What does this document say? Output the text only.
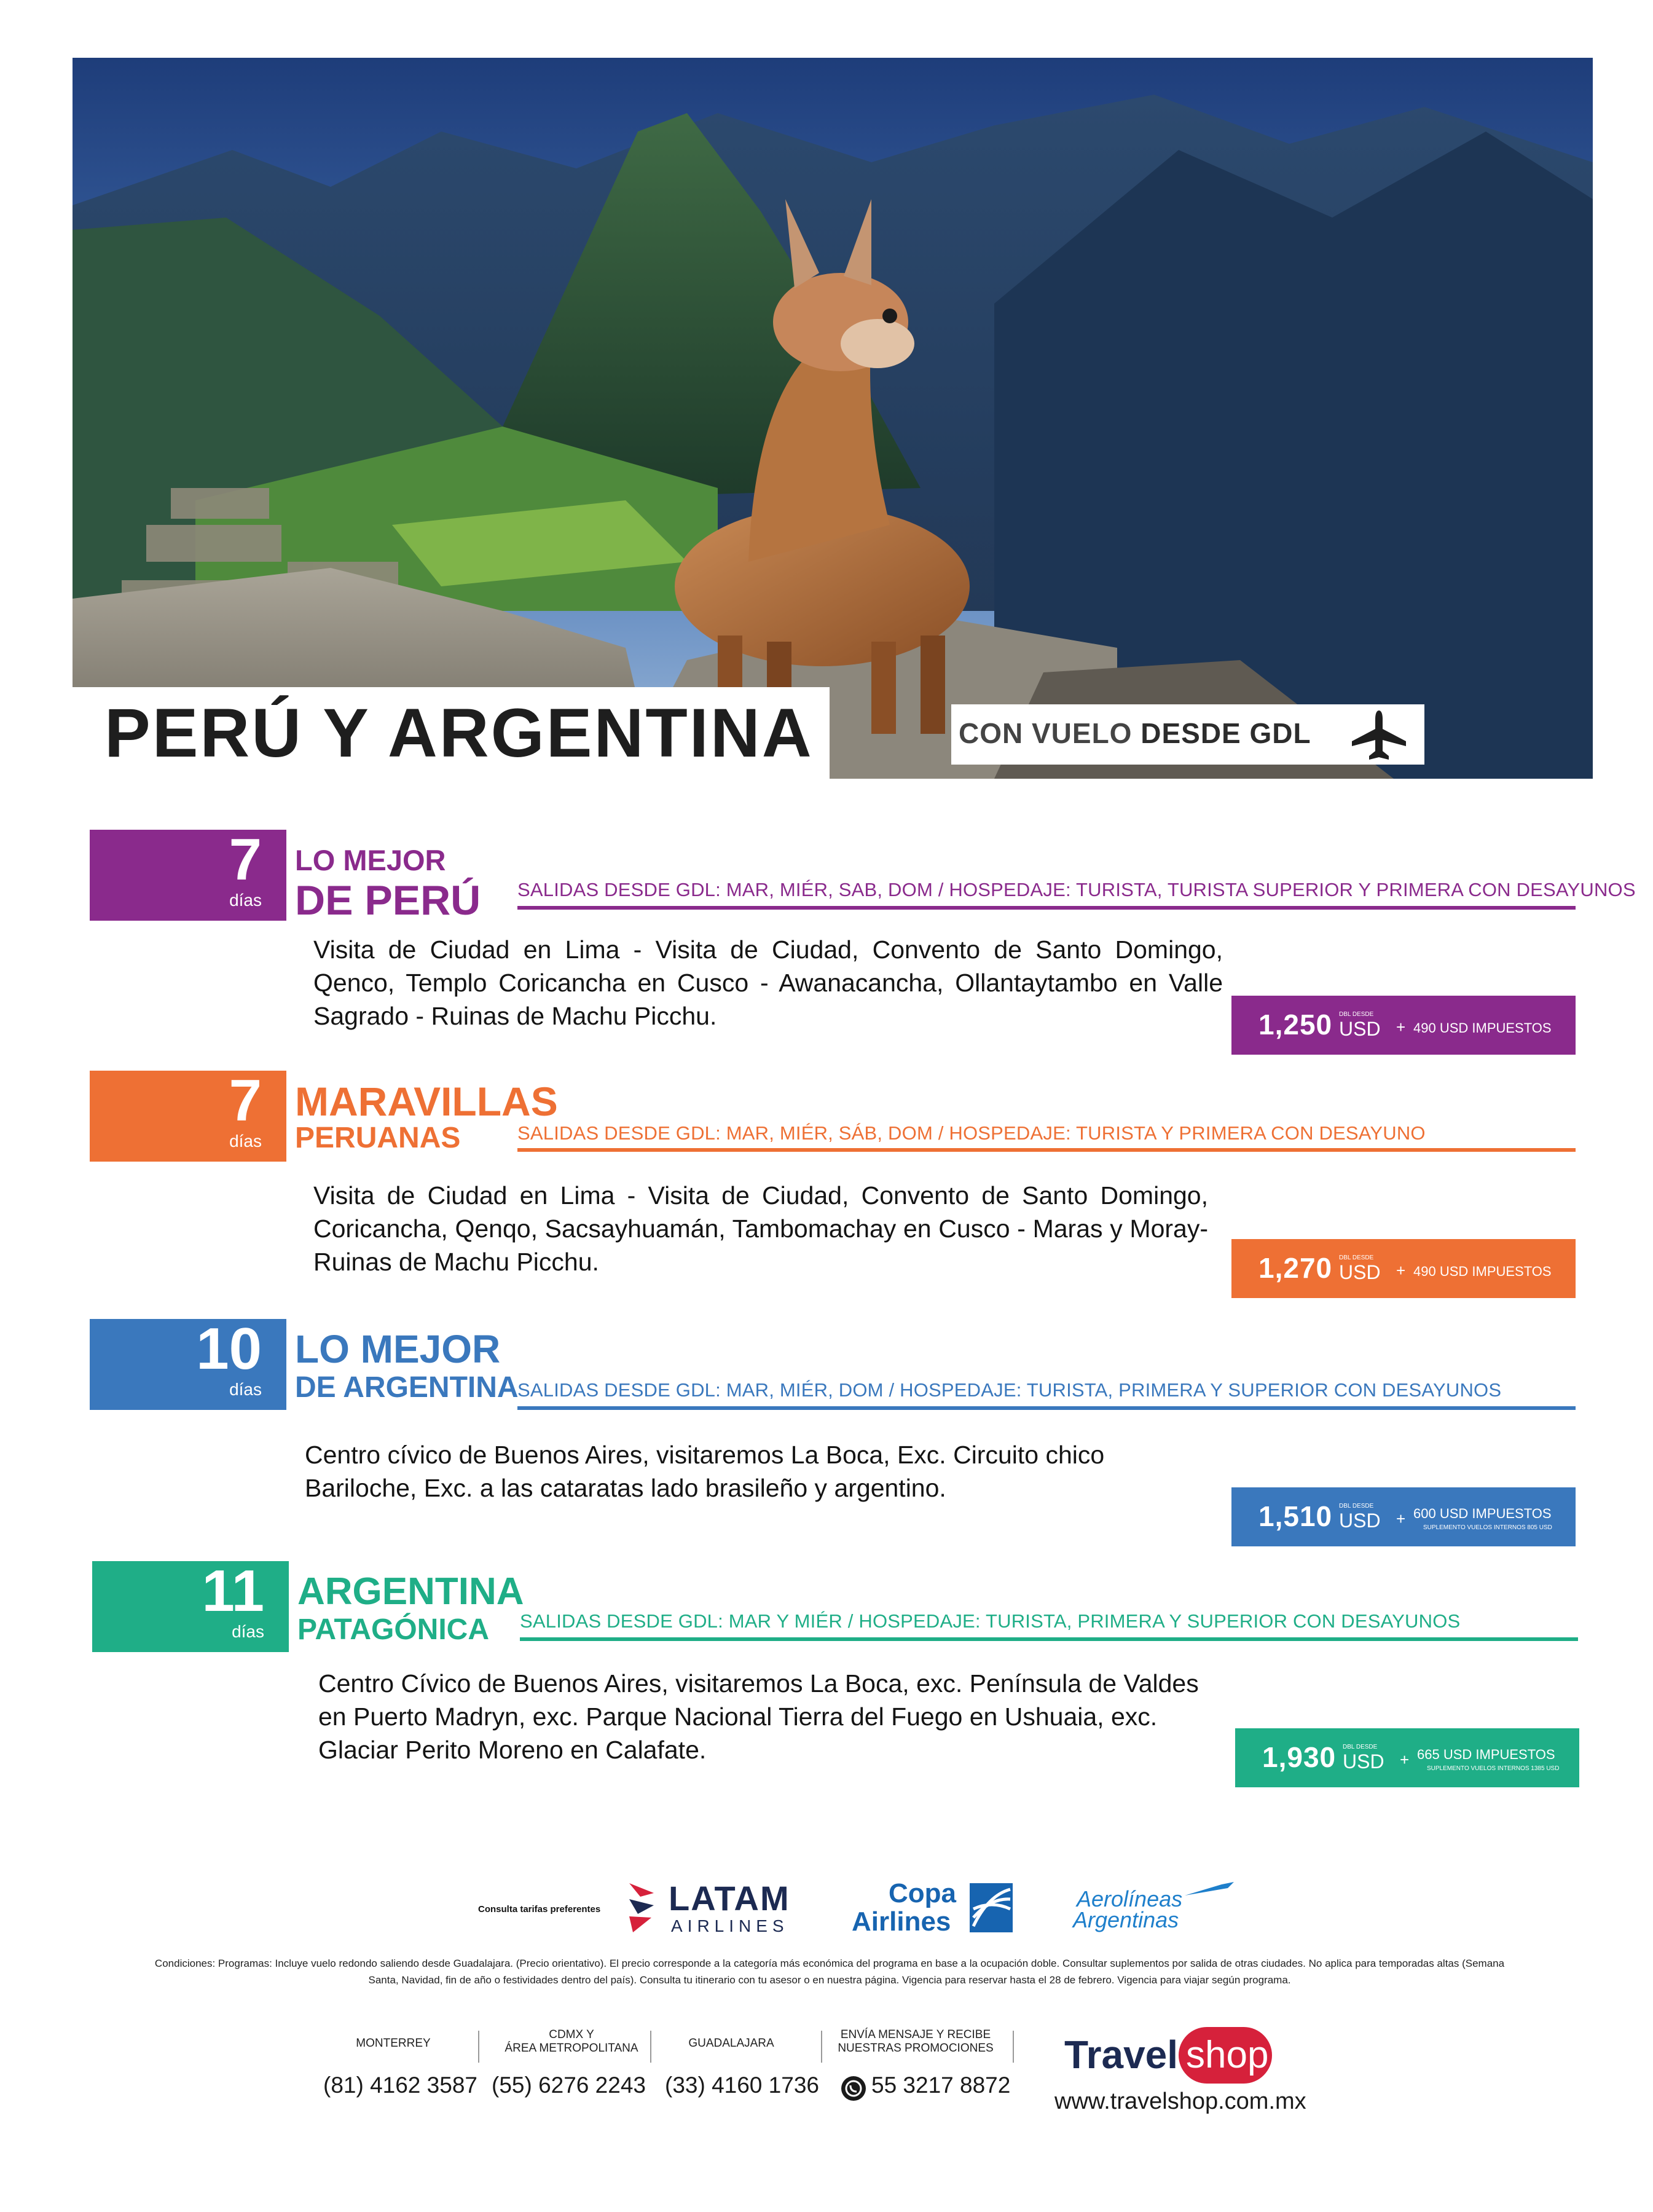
PERÚ Y ARGENTINA	CON VUELO DESDE GDL
7
días
LO MEJOR
DE PERÚ SALIDAS DESDE GDL: MAR, MIÉR, SAB, DOM / HOSPEDAJE: TURISTA, TURISTA SUPERIOR Y PRIMERA CON DESAYUNOS
Visita de Ciudad en Lima - Visita de Ciudad, Convento de Santo Domingo, Qenco, Templo Coricancha en Cusco - Awanacancha, Ollantaytambo en Valle Sagrado - Ruinas de Machu Picchu.	1,250 DBL DESDE
USD + 490 USD IMPUESTOS
7
días
MARAVILLAS
PERUANAS	SALIDAS DESDE GDL: MAR, MIÉR, SÁB, DOM / HOSPEDAJE: TURISTA Y PRIMERA CON DESAYUNO
Visita de Ciudad en Lima - Visita de Ciudad, Convento de Santo Domingo, Coricancha, Qenqo, Sacsayhuamán, Tambomachay en Cusco - Maras y Moray- Ruinas de Machu Picchu.	1,270 DBL DESDE
USD + 490 USD IMPUESTOS
10
días
LO MEJOR
DE ARGENTINA
SALIDAS DESDE GDL: MAR, MIÉR, DOM / HOSPEDAJE: TURISTA, PRIMERA Y SUPERIOR CON DESAYUNOS
Centro cívico de Buenos Aires, visitaremos La Boca, Exc. Circuito chico Bariloche, Exc. a las cataratas lado brasileño y argentino.
1,510 DBL DESDE
USD + 600 USD IMPUESTOS
SUPLEMENTO VUELOS INTERNOS 805 USD
11
días
ARGENTINA
PATAGÓNICA SALIDAS DESDE GDL: MAR Y MIÉR / HOSPEDAJE: TURISTA, PRIMERA Y SUPERIOR CON DESAYUNOS
Centro Cívico de Buenos Aires, visitaremos La Boca, exc. Península de Valdes en Puerto Madryn, exc. Parque Nacional Tierra del Fuego en Ushuaia, exc. Glaciar Perito Moreno en Calafate.	1,930 DBL DESDE
USD + 665 USD IMPUESTOS
SUPLEMENTO VUELOS INTERNOS 1385 USD
Consulta tarifas preferentes LATAM
AIRLINES
Copa
Airlines
Aerolíneas
Argentinas
Condiciones: Programas: Incluye vuelo redondo saliendo desde Guadalajara. (Precio orientativo). El precio corresponde a la categoría más económica del programa en base a la ocupación doble. Consultar suplementos por salida de otras ciudades. No aplica para temporadas altas (Semana Santa, Navidad, fin de año o festividades dentro del país). Consulta tu itinerario con tu asesor o en nuestra página. Vigencia para reservar hasta el 28 de febrero. Vigencia para viajar según programa.
MONTERREY
(81) 4162 3587
CDMX Y
ÁREA METROPOLITANA
(55) 6276 2243
GUADALAJARA
(33) 4160 1736
ENVÍA MENSAJE Y RECIBE
NUESTRAS PROMOCIONES
55 3217 8872
Travel shop
www.travelshop.com.mx
